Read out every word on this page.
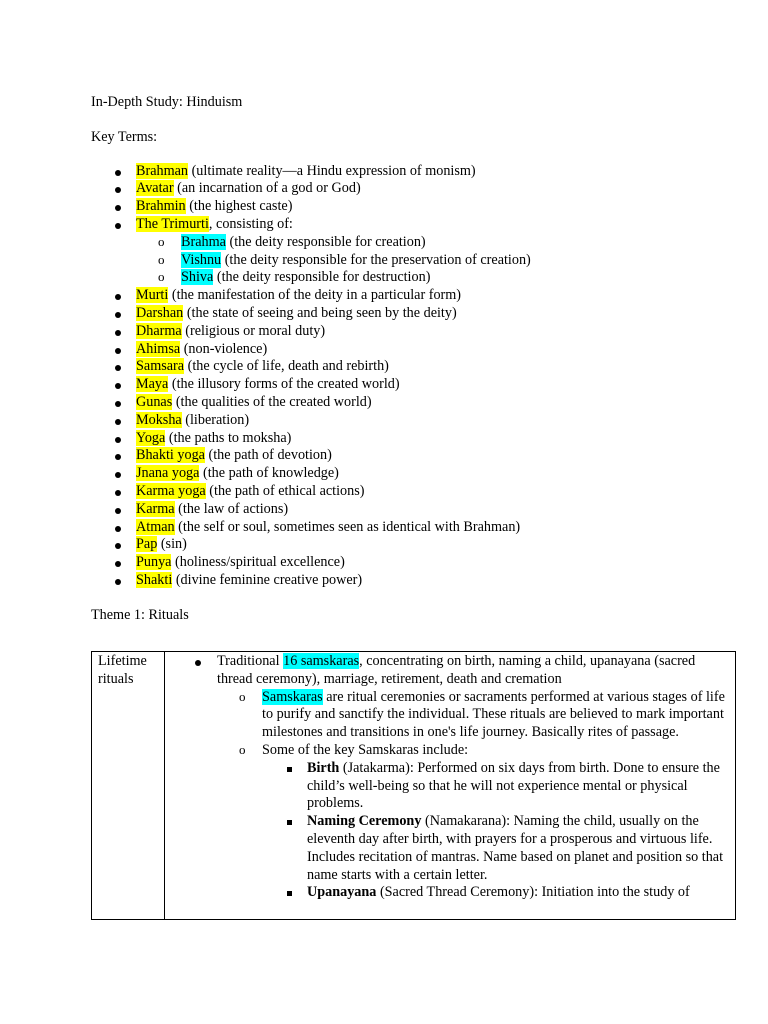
In-Depth Study: Hinduism

Key Terms:

Brahman (ultimate reality—a Hindu expression of monism)
Avatar (an incarnation of a god or God)
Brahmin (the highest caste)
The Trimurti, consisting of:
o Brahma (the deity responsible for creation)
o Vishnu (the deity responsible for the preservation of creation)
o Shiva (the deity responsible for destruction)
Murti (the manifestation of the deity in a particular form)
Darshan (the state of seeing and being seen by the deity)
Dharma (religious or moral duty)
Ahimsa (non-violence)
Samsara (the cycle of life, death and rebirth)
Maya (the illusory forms of the created world)
Gunas (the qualities of the created world)
Moksha (liberation)
Yoga (the paths to moksha)
Bhakti yoga (the path of devotion)
Jnana yoga (the path of knowledge)
Karma yoga (the path of ethical actions)
Karma (the law of actions)
Atman (the self or soul, sometimes seen as identical with Brahman)
Pap (sin)
Punya (holiness/spiritual excellence)
Shakti (divine feminine creative power)

Theme 1: Rituals

Lifetime rituals	
Traditional 16 samskaras, concentrating on birth, naming a child, upanayana (sacred thread ceremony), marriage, retirement, death and cremation
o Samskaras are ritual ceremonies or sacraments performed at various stages of life to purify and sanctify the individual. These rituals are believed to mark important milestones and transitions in one's life journey. Basically rites of passage.
o Some of the key Samskaras include:
Birth (Jatakarma): Performed on six days from birth. Done to ensure the child’s well-being so that he will not experience mental or physical problems.
Naming Ceremony (Namakarana): Naming the child, usually on the eleventh day after birth, with prayers for a prosperous and virtuous life. Includes recitation of mantras. Name based on planet and position so that name starts with a certain letter.
Upanayana (Sacred Thread Ceremony): Initiation into the study of
